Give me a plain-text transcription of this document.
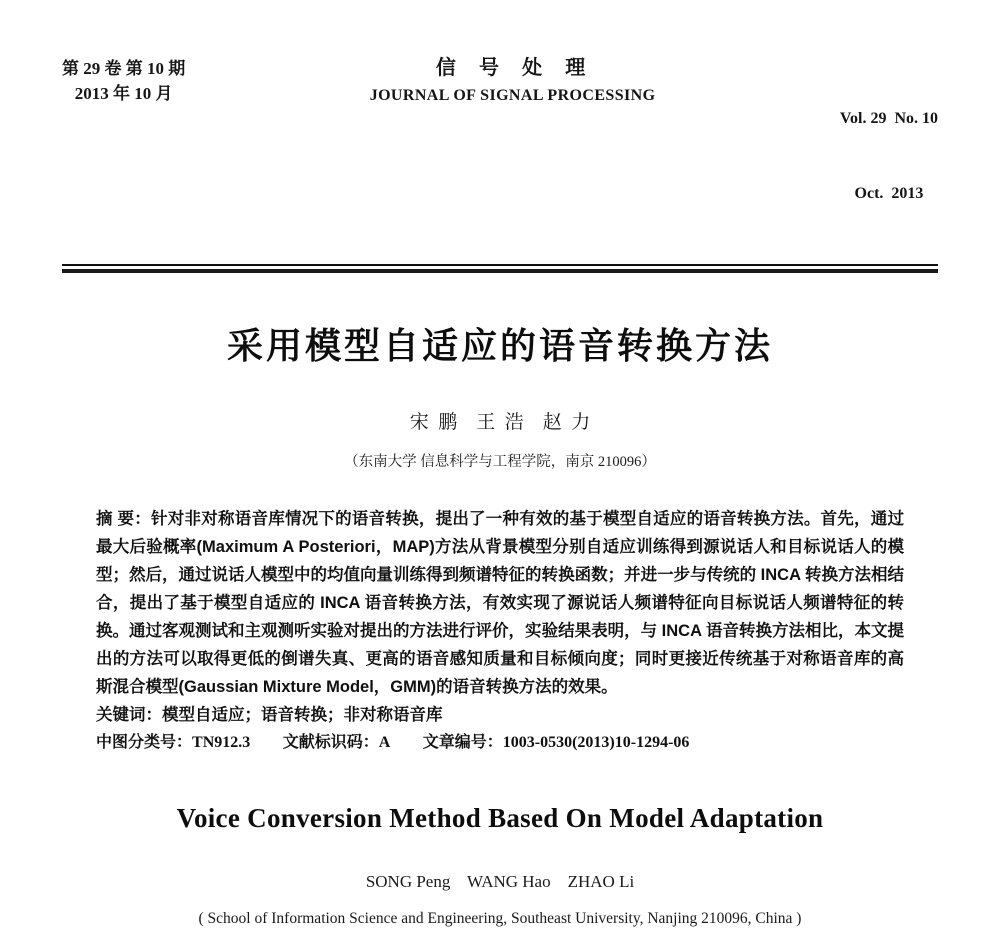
第 29 卷 第 10 期
2013 年 10 月
信  号  处  理
JOURNAL OF SIGNAL PROCESSING

Vol. 29  No. 10

Oct.  2013

采用模型自适应的语音转换方法
宋  鹏    王  浩    赵  力
（东南大学 信息科学与工程学院，南京 210096）

摘 要：针对非对称语音库情况下的语音转换，提出了一种有效的基于模型自适应的语音转换方法。首先，通过最大后验概率(Maximum A Posteriori，MAP)方法从背景模型分别自适应训练得到源说话人和目标说话人的模型；然后，通过说话人模型中的均值向量训练得到频谱特征的转换函数；并进一步与传统的 INCA 转换方法相结合，提出了基于模型自适应的 INCA 语音转换方法，有效实现了源说话人频谱特征向目标说话人频谱特征的转换。通过客观测试和主观测听实验对提出的方法进行评价，实验结果表明，与 INCA 语音转换方法相比，本文提出的方法可以取得更低的倒谱失真、更高的语音感知质量和目标倾向度；同时更接近传统基于对称语音库的高斯混合模型(Gaussian Mixture Model，GMM)的语音转换方法的效果。

关键词：模型自适应；语音转换；非对称语音库

中图分类号：TN912.3 文献标识码：A 文章编号：1003-0530(2013)10-1294-06

Voice Conversion Method Based On Model Adaptation
SONG Peng    WANG Hao    ZHAO Li
( School of Information Science and Engineering, Southeast University, Nanjing 210096, China )
